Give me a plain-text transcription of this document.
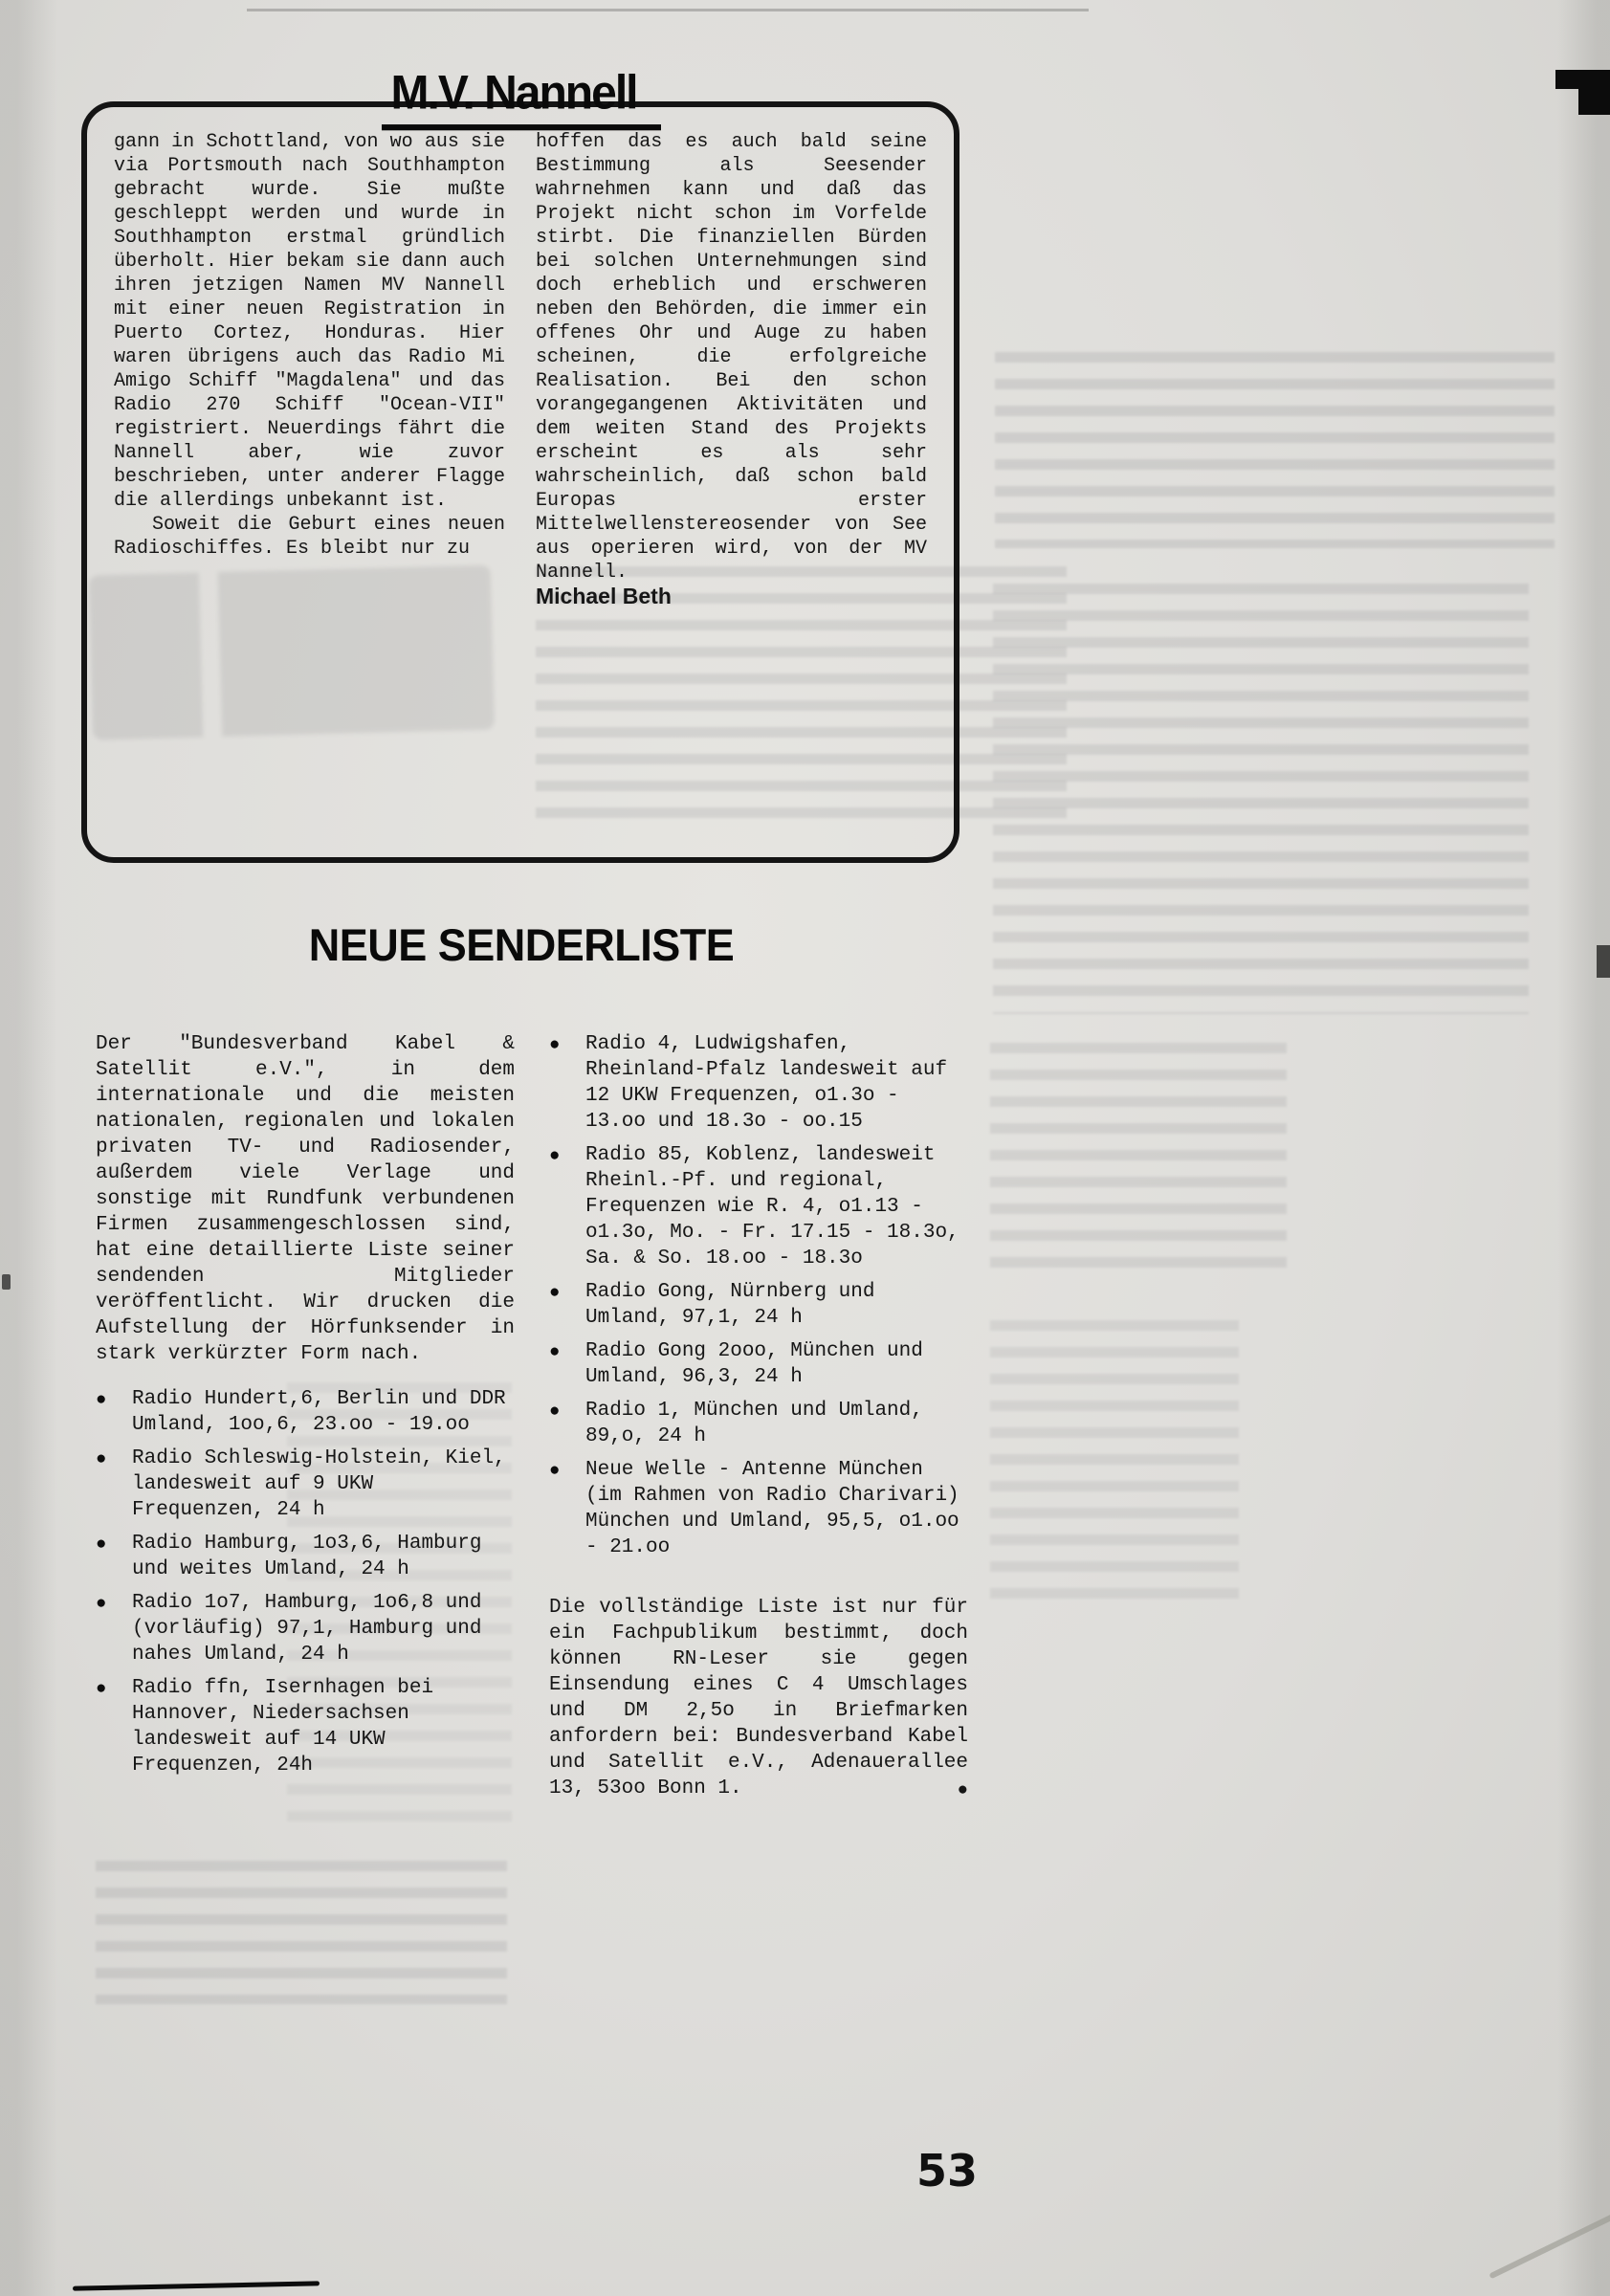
M.V. Nannell

gann in Schottland, von wo aus sie via Portsmouth nach Southhampton gebracht wurde. Sie mußte geschleppt werden und wurde in Southhampton erstmal gründlich überholt. Hier bekam sie dann auch ihren jetzigen Namen MV Nannell mit einer neuen Registration in Puerto Cortez, Honduras. Hier waren übrigens auch das Radio Mi Amigo Schiff "Magdalena" und das Radio 270 Schiff "Ocean-VII" registriert. Neuerdings fährt die Nannell aber, wie zuvor beschrieben, unter anderer Flagge die allerdings unbekannt ist.

Soweit die Geburt eines neuen Radioschiffes. Es bleibt nur zu

hoffen das es auch bald seine Bestimmung als Seesender wahrnehmen kann und daß das Projekt nicht schon im Vorfelde stirbt. Die finanziellen Bürden bei solchen Unternehmungen sind doch erheblich und erschweren neben den Behörden, die immer ein offenes Ohr und Auge zu haben scheinen, die erfolgreiche Realisation. Bei den schon vorangegangenen Aktivitäten und dem weiten Stand des Projekts erscheint es als sehr wahrscheinlich, daß schon bald Europas erster Mittelwellenstereosender von See aus operieren wird, von der MV Nannell.

Michael Beth

NEUE SENDERLISTE

Der "Bundesverband Kabel & Satellit e.V.", in dem internationale und die meisten nationalen, regionalen und lokalen privaten TV- und Radiosender, außerdem viele Verlage und sonstige mit Rundfunk verbundenen Firmen zusammengeschlossen sind, hat eine detaillierte Liste seiner sendenden Mitglieder veröffentlicht. Wir drucken die Aufstellung der Hörfunksender in stark verkürzter Form nach.

● Radio Hundert,6, Berlin und DDR Umland, 1oo,6, 23.oo - 19.oo
● Radio Schleswig-Holstein, Kiel, landesweit auf 9 UKW Frequenzen, 24 h
● Radio Hamburg, 1o3,6, Hamburg und weites Umland, 24 h
● Radio 1o7, Hamburg, 1o6,8 und (vorläufig) 97,1, Hamburg und nahes Umland, 24 h
● Radio ffn, Isernhagen bei Hannover, Niedersachsen landesweit auf 14 UKW Frequenzen, 24h
● Radio 4, Ludwigshafen, Rheinland-Pfalz landesweit auf 12 UKW Frequenzen, o1.3o - 13.oo und 18.3o - oo.15
● Radio 85, Koblenz, landesweit Rheinl.-Pf. und regional, Frequenzen wie R. 4, o1.13 - o1.3o, Mo. - Fr. 17.15 - 18.3o, Sa. & So. 18.oo - 18.3o
● Radio Gong, Nürnberg und Umland, 97,1, 24 h
● Radio Gong 2ooo, München und Umland, 96,3, 24 h
● Radio 1, München und Umland, 89,o, 24 h
● Neue Welle - Antenne München (im Rahmen von Radio Charivari) München und Umland, 95,5, o1.oo - 21.oo

Die vollständige Liste ist nur für ein Fachpublikum bestimmt, doch können RN-Leser sie gegen Einsendung eines C 4 Umschlages und DM 2,5o in Briefmarken anfordern bei: Bundesverband Kabel und Satellit e.V., Adenauerallee 13, 53oo Bonn 1.	●

53
